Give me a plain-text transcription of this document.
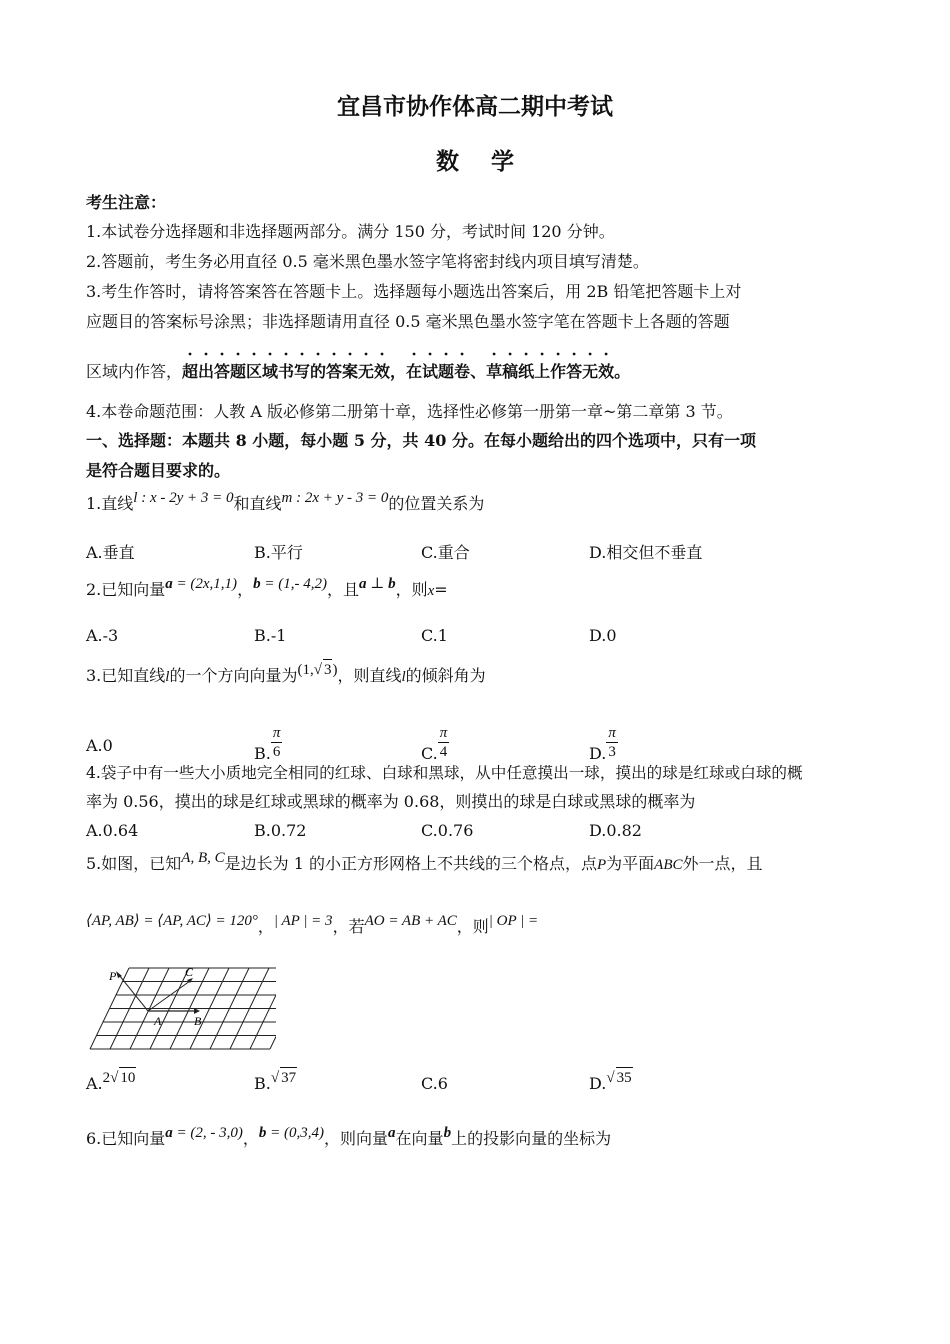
宜昌市协作体高二期中考试
数    学
考生注意：
1.本试卷分选择题和非选择题两部分。满分 150 分，考试时间 120 分钟。
2.答题前，考生务必用直径 0.5 毫米黑色墨水签字笔将密封线内项目填写清楚。
3.考生作答时，请将答案答在答题卡上。选择题每小题选出答案后，用 2B 铅笔把答题卡上对
应题目的答案标号涂黑；非选择题请用直径 0.5 毫米黑色墨水签字笔在答题卡上各题的答题
区域内作答，超出答题区域书写的答案无效，在试题卷、草稿纸上作答无效。
4.本卷命题范围：人教 A 版必修第二册第十章，选择性必修第一册第一章~第二章第 3 节。
一、选择题：本题共 8 小题，每小题 5 分，共 40 分。在每小题给出的四个选项中，只有一项
是符合题目要求的。
1.直线l : x - 2y + 3 = 0和直线m : 2x + y - 3 = 0的位置关系为
A.垂直	B.平行	C.重合	D.相交但不垂直
2.已知向量a = (2x,1,1)，b = (1,- 4,2)，且a ⊥ b，则x=
A.-3	B.-1	C.1	D.0
3.已知直线l的一个方向向量为(1,√ 3)，则直线l的倾斜角为
A.0	B. $\frac{\pi}{6}$	C. $\frac{\pi}{4}$	D. $\frac{\pi}{3}$
4.袋子中有一些大小质地完全相同的红球、白球和黑球，从中任意摸出一球，摸出的球是红球或白球的概
率为 0.56，摸出的球是红球或黑球的概率为 0.68，则摸出的球是白球或黑球的概率为
A.0.64	B.0.72	C.0.76	D.0.82
5.如图，已知A, B, C是边长为 1 的小正方形网格上不共线的三个格点，点P为平面ABC外一点，且
⟨AP, AB⟩ = ⟨AP, AC⟩ = 120°，| AP | = 3，若AO = AB + AC，则| OP | =
P	C
A	B
A.2√ 10	B.√ 37	C.6	D.√ 35
6.已知向量a = (2, - 3,0)，b = (0,3,4)，则向量a在向量b上的投影向量的坐标为
